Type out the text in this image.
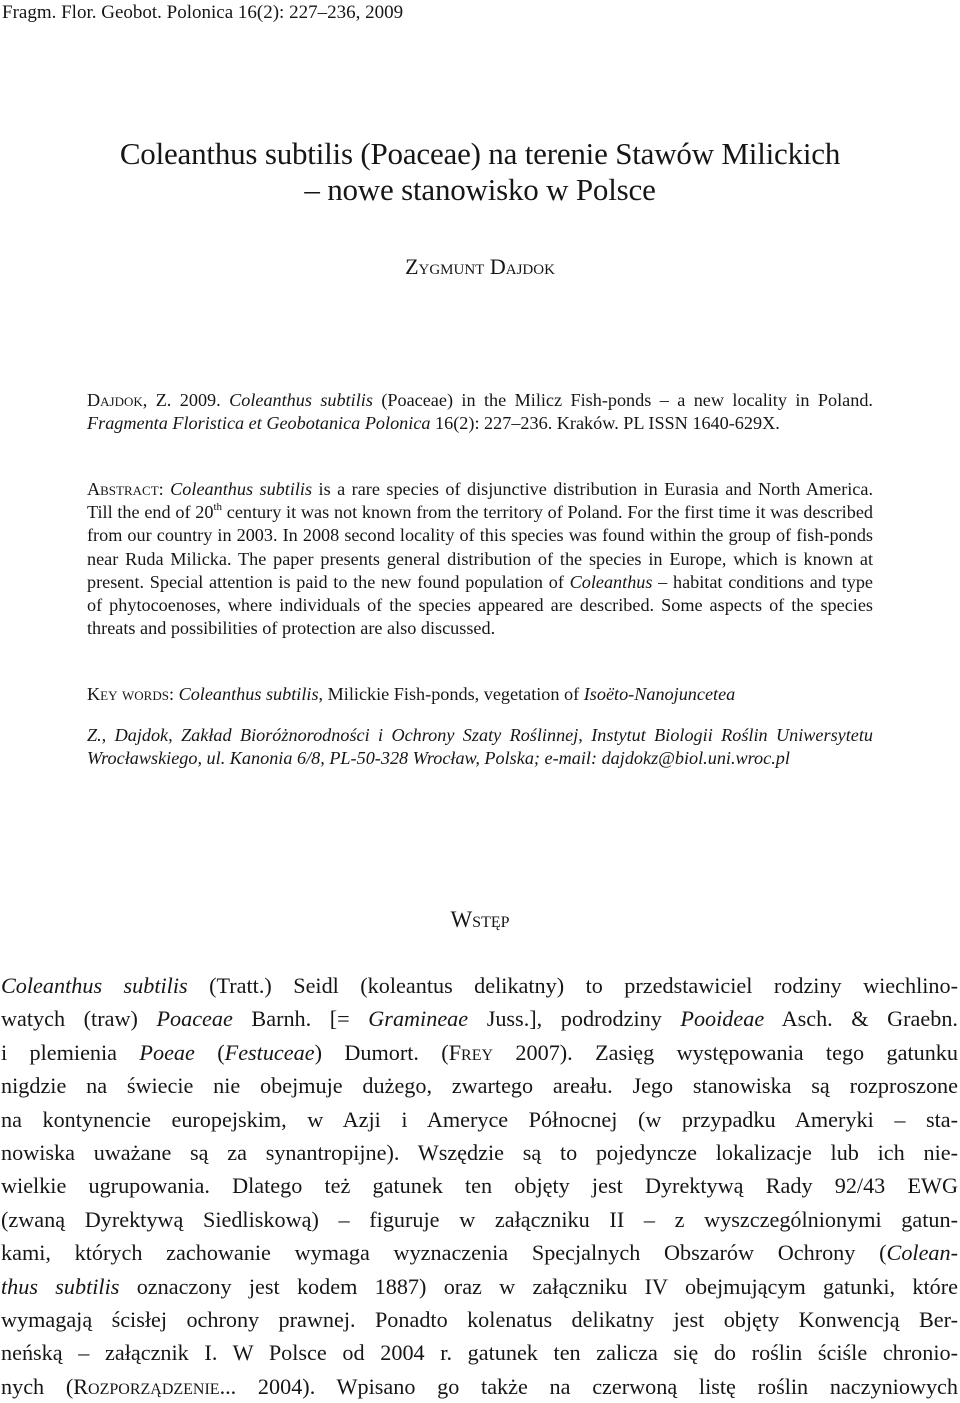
Fragm. Flor. Geobot. Polonica 16(2): 227–236, 2009
Coleanthus subtilis (Poaceae) na terenie Stawów Milickich
– nowe stanowisko w Polsce
Zygmunt Dajdok
Dajdok, Z. 2009. Coleanthus subtilis (Poaceae) in the Milicz Fish-ponds – a new locality in Poland. Fragmenta Floristica et Geobotanica Polonica 16(2): 227–236. Kraków. PL ISSN 1640-629X.
Abstract: Coleanthus subtilis is a rare species of disjunctive distribution in Eurasia and North America. Till the end of 20th century it was not known from the territory of Poland. For the first time it was described from our country in 2003. In 2008 second locality of this species was found within the group of fish-ponds near Ruda Milicka. The paper presents general distribution of the species in Europe, which is known at present. Special attention is paid to the new found population of Coleanthus – habitat conditions and type of phytocoenoses, where individuals of the species appeared are described. Some aspects of the species threats and possibilities of protection are also discussed.
Key words: Coleanthus subtilis, Milickie Fish-ponds, vegetation of Isoëto-Nanojuncetea
Z., Dajdok, Zakład Bioróżnorodności i Ochrony Szaty Roślinnej, Instytut Biologii Roślin Uniwersytetu Wrocławskiego, ul. Kanonia 6/8, PL-50-328 Wrocław, Polska; e-mail: dajdokz@biol.uni.wroc.pl
Wstęp
Coleanthus subtilis (Tratt.) Seidl (koleantus delikatny) to przedstawiciel rodziny wiechlino-
watych (traw) Poaceae Barnh. [= Gramineae Juss.], podrodziny Pooideae Asch. & Graebn.
i plemienia Poeae (Festuceae) Dumort. (Frey 2007). Zasięg występowania tego gatunku
nigdzie na świecie nie obejmuje dużego, zwartego areału. Jego stanowiska są rozproszone
na kontynencie europejskim, w Azji i Ameryce Północnej (w przypadku Ameryki – sta-
nowiska uważane są za synantropijne). Wszędzie są to pojedyncze lokalizacje lub ich nie-
wielkie ugrupowania. Dlatego też gatunek ten objęty jest Dyrektywą Rady 92/43 EWG
(zwaną Dyrektywą Siedliskową) – figuruje w załączniku II – z wyszczególnionymi gatun-
kami, których zachowanie wymaga wyznaczenia Specjalnych Obszarów Ochrony (Colean-
thus subtilis oznaczony jest kodem 1887) oraz w załączniku IV obejmującym gatunki, które
wymagają ścisłej ochrony prawnej. Ponadto kolenatus delikatny jest objęty Konwencją Ber-
neńską – załącznik I. W Polsce od 2004 r. gatunek ten zalicza się do roślin ściśle chronio-
nych (Rozporządzenie... 2004). Wpisano go także na czerwoną listę roślin naczyniowych
